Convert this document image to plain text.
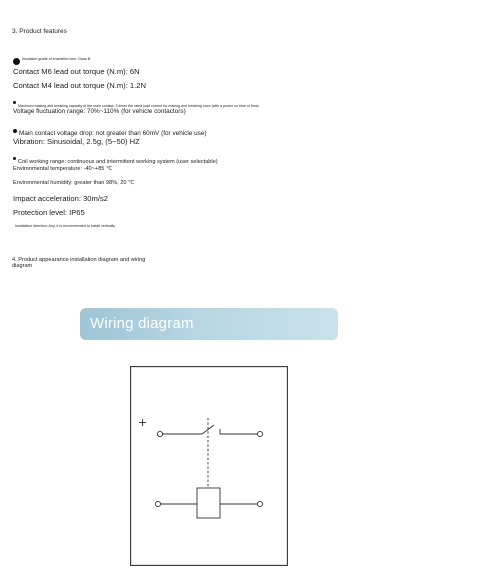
3. Product features
Insulation grade of enameled wire: Class B
Contact M6 lead out torque (N.m): 6N
Contact M4 lead out torque (N.m): 1.2N
Maximum making and breaking capacity of the main contact: 3 times the rated load current for making and breaking once (with a power on time of 5ms)
Voltage fluctuation range: 70%~110% (for vehicle contactors)
Main contact voltage drop: not greater than 60mV (for vehicle use)
Vibration: Sinusoidal, 2.5g, (5~50) HZ
Coil working range: continuous and intermittent working system (user selectable)
Environmental temperature: -40~+85 ℃
Environmental humidity: greater than 98%, 20 ℃
Impact acceleration: 30m/s2
Protection level: IP65
Installation direction: Any, it is recommended to install vertically
4. Product appearance installation diagram and wiring
diagram
Wiring diagram
+
